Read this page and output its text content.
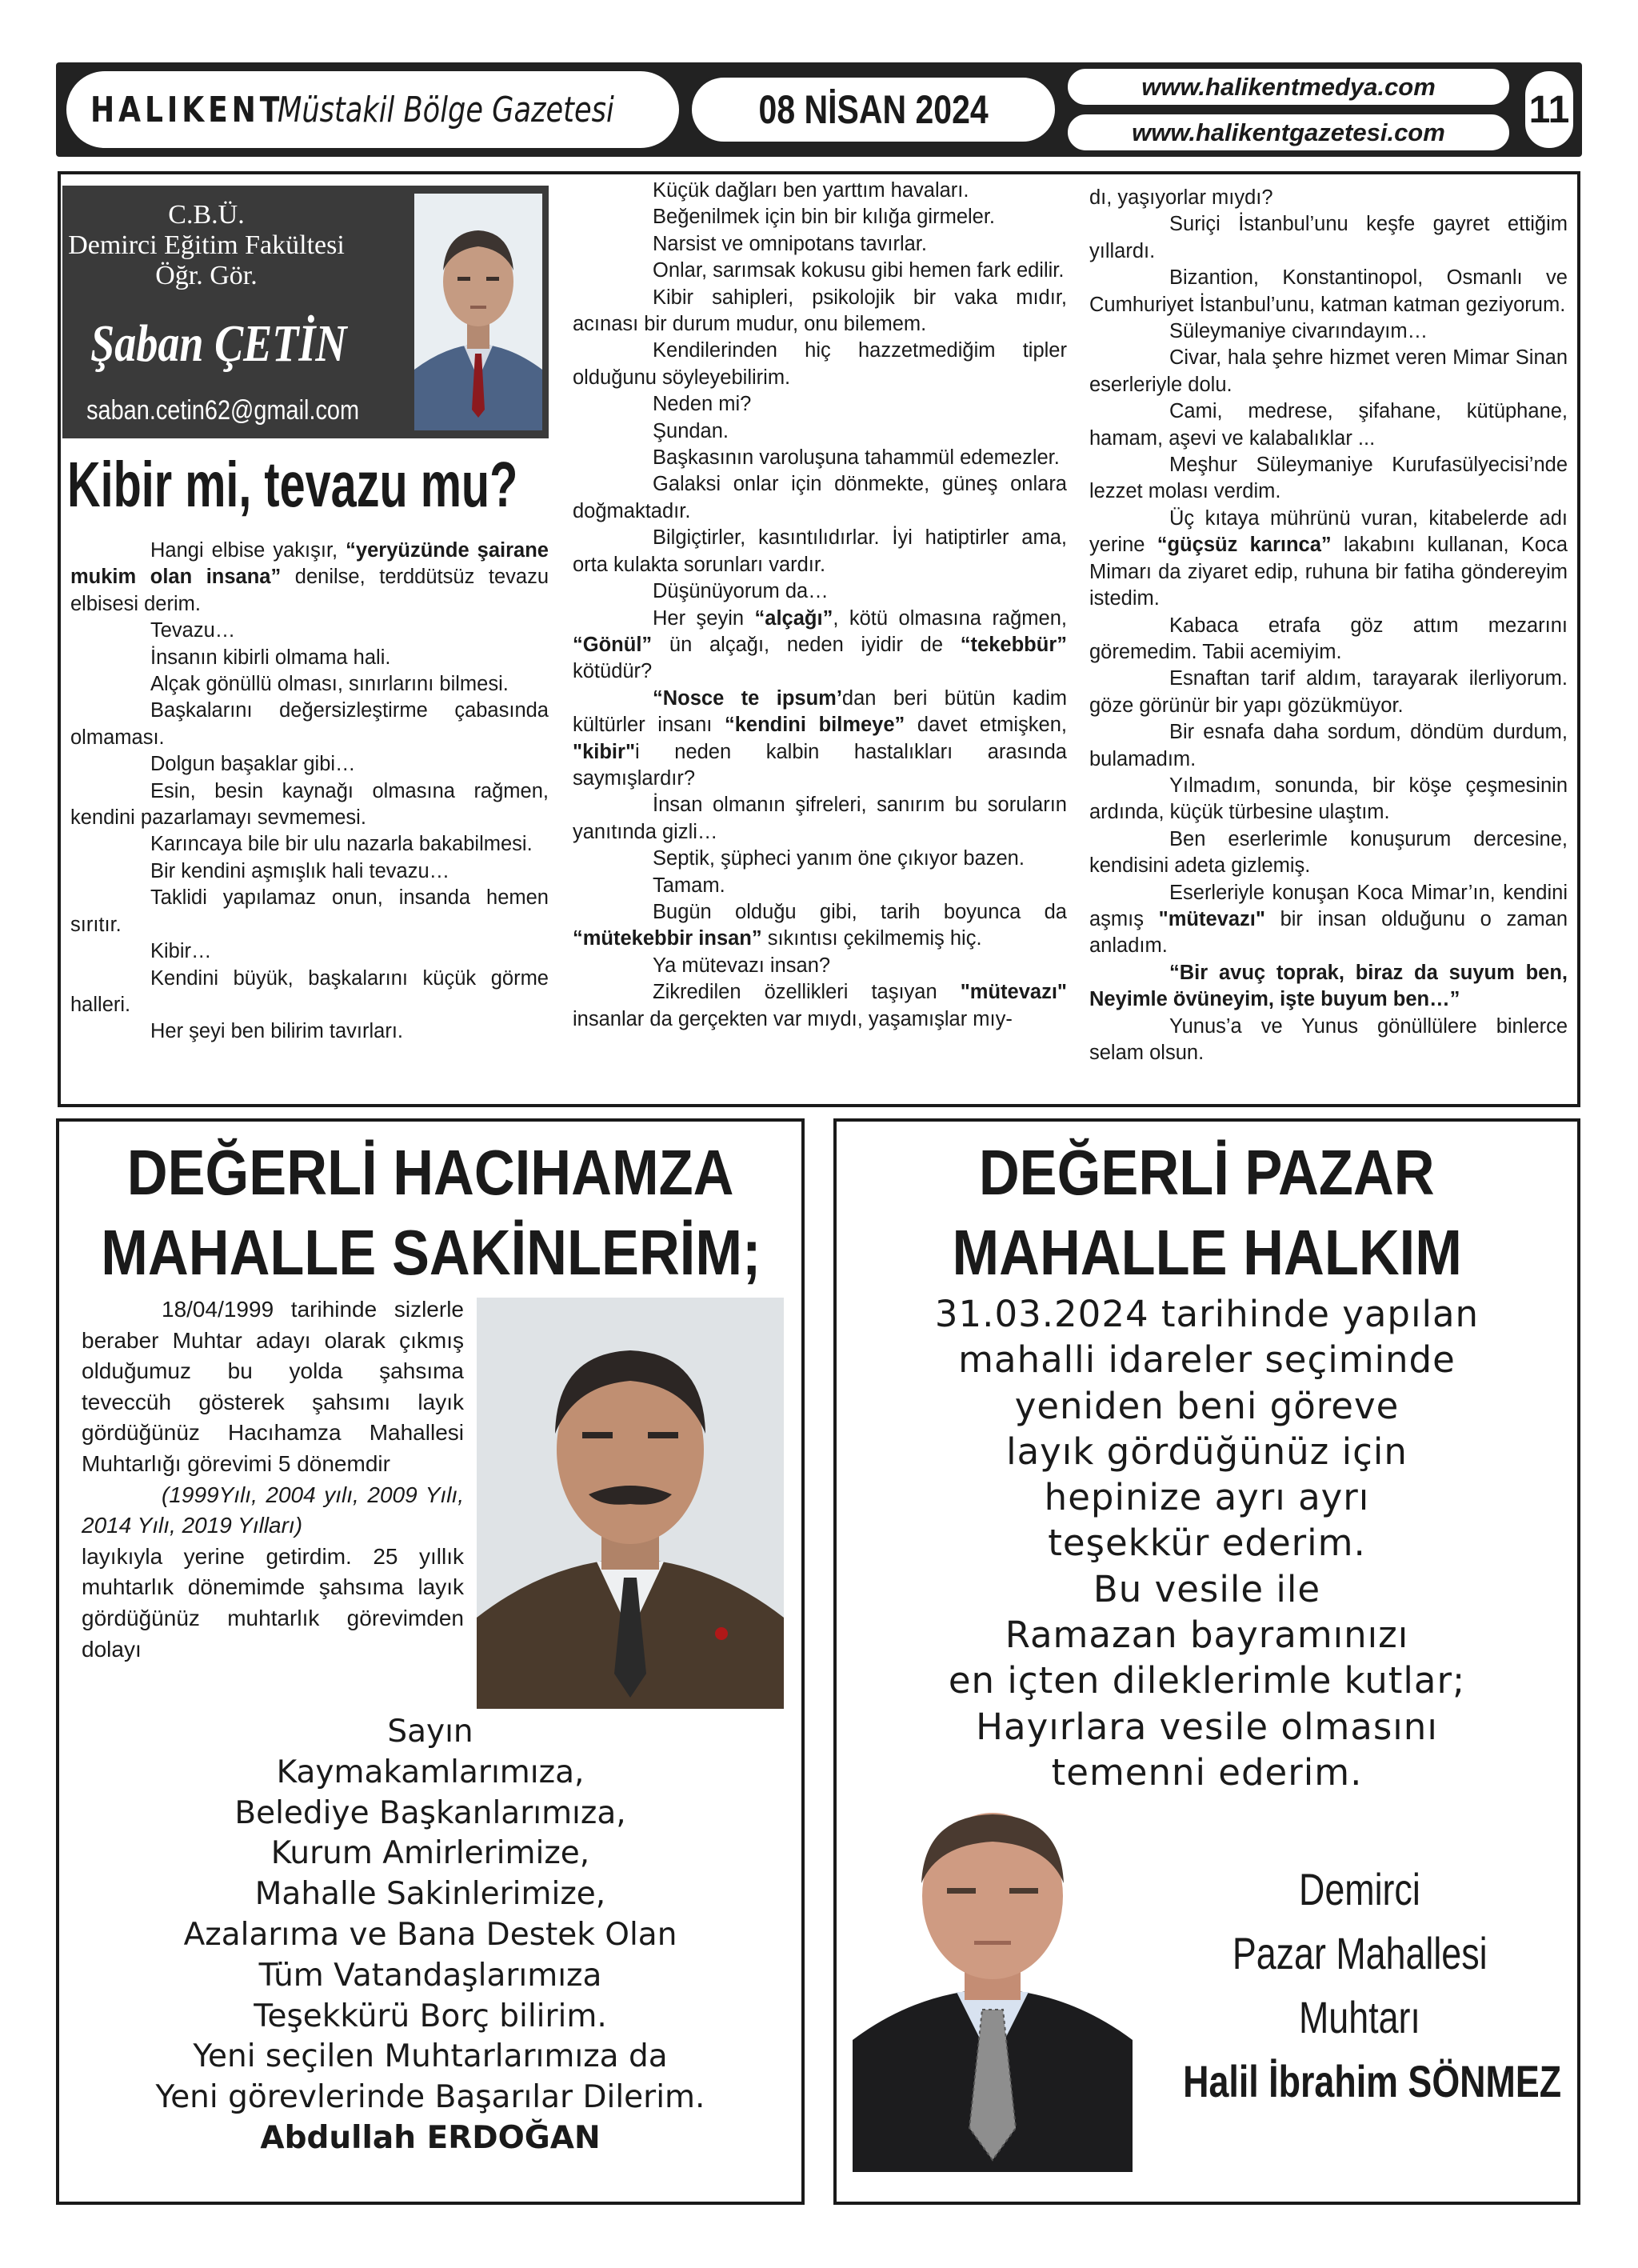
HALIKENT
Müstakil Bölge Gazetesi	08 NİSAN 2024
www.halikentmedya.com
www.halikentgazetesi.com
11
C.B.Ü.
Demirci Eğitim Fakültesi
Öğr. Gör.
Şaban ÇETİN
saban.cetin62@gmail.com
Kibir mi, tevazu mu?

Hangi elbise yakışır, “yeryüzünde şairane mukim olan insana” denilse, terddütsüz tevazu elbisesi derim.

Tevazu…

İnsanın kibirli olmama hali.

Alçak gönüllü olması, sınırlarını bilmesi.

Başkalarını değersizleştirme çabasında olmaması.

Dolgun başaklar gibi…

Esin, besin kaynağı olmasına rağmen, kendini pazarlamayı sevmemesi.

Karıncaya bile bir ulu nazarla bakabilmesi.

Bir kendini aşmışlık hali tevazu…

Taklidi yapılamaz onun, insanda hemen sırıtır.

Kibir…

Kendini büyük, başkalarını küçük görme halleri.

Her şeyi ben bilirim tavırları.

Küçük dağları ben yarttım havaları.

Beğenilmek için bin bir kılığa girmeler.

Narsist ve omnipotans tavırlar.

Onlar, sarımsak kokusu gibi hemen fark edilir.

Kibir sahipleri, psikolojik bir vaka mıdır, acınası bir durum mudur, onu bilemem.

Kendilerinden hiç hazzetmediğim tipler olduğunu söyleyebilirim.

Neden mi?

Şundan.

Başkasının varoluşuna tahammül edemezler.

Galaksi onlar için dönmekte, güneş onlara doğmaktadır.

Bilgiçtirler, kasıntılıdırlar. İyi hatiptirler ama, orta kulakta sorunları vardır.

Düşünüyorum da…

Her şeyin “alçağı”, kötü olmasına rağmen, “Gönül” ün alçağı, neden iyidir de “tekebbür” kötüdür?

“Nosce te ipsum’dan beri bütün kadim kültürler insanı “kendini bilmeye” davet etmişken, "kibir"i neden kalbin hastalıkları arasında saymışlardır?

İnsan olmanın şifreleri, sanırım bu soruların yanıtında gizli…

Septik, şüpheci yanım öne çıkıyor bazen.

Tamam.

Bugün olduğu gibi, tarih boyunca da “mütekebbir insan” sıkıntısı çekilmemiş hiç.

Ya mütevazı insan?

Zikredilen özellikleri taşıyan "mütevazı" insanlar da gerçekten var mıydı, yaşamışlar mıy-

dı, yaşıyorlar mıydı?

Suriçi İstanbul’unu keşfe gayret ettiğim yıllardı.

Bizantion, Konstantinopol, Osmanlı ve Cumhuriyet İstanbul’unu, katman katman geziyorum.

Süleymaniye civarındayım…

Civar, hala şehre hizmet veren Mimar Sinan eserleriyle dolu.

Cami, medrese, şifahane, kütüphane, hamam, aşevi ve kalabalıklar ...

Meşhur Süleymaniye Kurufasülyecisi’nde lezzet molası verdim.

Üç kıtaya mührünü vuran, kitabelerde adı yerine “güçsüz karınca” lakabını kullanan, Koca Mimarı da ziyaret edip, ruhuna bir fatiha göndereyim istedim.

Kabaca etrafa göz attım mezarını göremedim. Tabii acemiyim.

Esnaftan tarif aldım, tarayarak ilerliyorum. göze görünür bir yapı gözükmüyor.

Bir esnafa daha sordum, döndüm durdum, bulamadım.

Yılmadım, sonunda, bir köşe çeşmesinin ardında, küçük türbesine ulaştım.

Ben eserlerimle konuşurum dercesine, kendisini adeta gizlemiş.

Eserleriyle konuşan Koca Mimar’ın, kendini aşmış "mütevazı" bir insan olduğunu o zaman anladım.

“Bir avuç toprak, biraz da suyum ben, Neyimle övüneyim, işte buyum ben…”

Yunus’a ve Yunus gönüllülere binlerce selam olsun.

DEĞERLİ HACIHAMZA
MAHALLE SAKİNLERİM;

18/04/1999 tarihinde sizlerle beraber Muhtar adayı olarak çıkmış olduğumuz bu yolda şahsıma teveccüh gösterek şahsımı layık gördüğünüz Hacıhamza Mahallesi Muhtarlığı görevimi 5 dönemdir

(1999Yılı, 2004 yılı, 2009 Yılı, 2014 Yılı, 2019 Yılları)

layıkıyla yerine getirdim. 25 yıllık muhtarlık dönemimde şahsıma layık gördüğünüz muhtarlık görevimden dolayı

Sayın
Kaymakamlarımıza,
Belediye Başkanlarımıza,
Kurum Amirlerimize,
Mahalle Sakinlerimize,
Azalarıma ve Bana Destek Olan
Tüm Vatandaşlarımıza
Teşekkürü Borç bilirim.
Yeni seçilen Muhtarlarımıza da
Yeni görevlerinde Başarılar Dilerim.
Abdullah ERDOĞAN
DEĞERLİ PAZAR
MAHALLE HALKIM
31.03.2024 tarihinde yapılan
mahalli idareler seçiminde
yeniden beni göreve
layık gördüğünüz için
hepinize ayrı ayrı
teşekkür ederim.
Bu vesile ile
Ramazan bayramınızı
en içten dileklerimle kutlar;
Hayırlara vesile olmasını
temenni ederim.
Demirci
Pazar Mahallesi
Muhtarı
Halil İbrahim SÖNMEZ
